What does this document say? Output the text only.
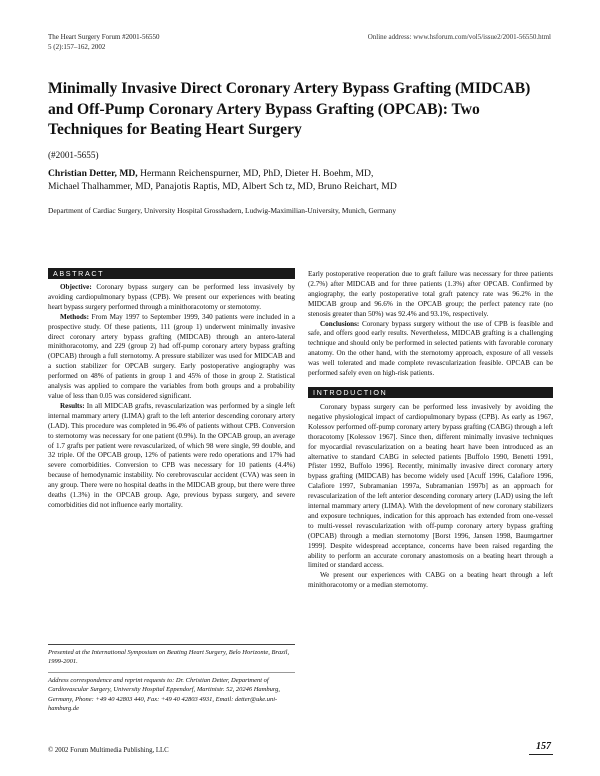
The Heart Surgery Forum #2001-56550
5 (2):157–162, 2002
Online address: www.hsforum.com/vol5/issue2/2001-56550.html
Minimally Invasive Direct Coronary Artery Bypass Grafting (MIDCAB) and Off-Pump Coronary Artery Bypass Grafting (OPCAB): Two Techniques for Beating Heart Surgery
(#2001-5655)
Christian Detter, MD, Hermann Reichenspurner, MD, PhD, Dieter H. Boehm, MD,
Michael Thalhammer, MD, Panajotis Raptis, MD, Albert Sch tz, MD, Bruno Reichart, MD
Department of Cardiac Surgery, University Hospital Grosshadern, Ludwig-Maximilian-University, Munich, Germany
ABSTRACT

Objective: Coronary bypass surgery can be performed less invasively by avoiding cardiopulmonary bypass (CPB). We present our experiences with beating heart bypass surgery performed through a minithoracotomy or sternotomy.

Methods: From May 1997 to September 1999, 340 patients were included in a prospective study. Of these patients, 111 (group 1) underwent minimally invasive direct coronary artery bypass grafting (MIDCAB) through an antero-lateral minithoracotomy, and 229 (group 2) had off-pump coronary artery bypass grafting (OPCAB) through a full sternotomy. A pressure stabilizer was used for MIDCAB and a suction stabilizer for OPCAB surgery. Early postoperative angiography was performed on 48% of patients in group 1 and 45% of those in group 2. Statistical analysis was applied to compare the variables from both groups and a probability value of less than 0.05 was considered significant.

Results: In all MIDCAB grafts, revascularization was performed by a single left internal mammary artery (LIMA) graft to the left anterior descending coronary artery (LAD). This procedure was completed in 96.4% of patients without CPB. Conversion to sternotomy was necessary for one patient (0.9%). In the OPCAB group, an average of 1.7 grafts per patient were revascularized, of which 98 were single, 99 double, and 32 triple. Of the OPCAB group, 12% of patients were redo operations and 17% had severe comorbidities. Conversion to CPB was necessary for 10 patients (4.4%) because of hemodynamic instability. No cerebrovascular accident (CVA) was seen in any group. There were no hospital deaths in the MIDCAB group, but there were three deaths (1.3%) in the OPCAB group. Age, previous bypass surgery, and severe comorbidities did not influence early mortality.

Presented at the International Symposium on Beating Heart Surgery, Belo Horizonte, Brazil, 1999-2001.
Address correspondence and reprint requests to: Dr. Christian Detter, Department of Cardiovascular Surgery, University Hospital Eppendorf, Martinistr. 52, 20246 Hamburg, Germany, Phone: +49 40 42803 440, Fax: +49 40 42803 4931, Email: detter@uke.uni-hamburg.de

Early postoperative reoperation due to graft failure was necessary for three patients (2.7%) after MIDCAB and for three patients (1.3%) after OPCAB. Confirmed by angiography, the early postoperative total graft patency rate was 96.2% in the MIDCAB group and 96.6% in the OPCAB group; the perfect patency rate (no stenosis greater than 50%) was 92.4% and 93.1%, respectively.

Conclusions: Coronary bypass surgery without the use of CPB is feasible and safe, and offers good early results. Nevertheless, MIDCAB grafting is a challenging technique and should only be performed in selected patients with favorable coronary anatomy. On the other hand, with the sternotomy approach, exposure of all vessels was well tolerated and made complete revascularization feasible. OPCAB can be performed safely even on high-risk patients.

INTRODUCTION

Coronary bypass surgery can be performed less invasively by avoiding the negative physiological impact of cardiopulmonary bypass (CPB). As early as 1967, Kolessov performed off-pump coronary artery bypass grafting (CABG) through a left thoracotomy [Kolessov 1967]. Since then, different minimally invasive techniques for myocardial revascularization on a beating heart have been introduced as an alternative to standard CABG in selected patients [Buffolo 1990, Benetti 1991, Pfister 1992, Buffolo 1996]. Recently, minimally invasive direct coronary artery bypass grafting (MIDCAB) has become widely used [Acuff 1996, Calafiore 1996, Calafiore 1997, Subramanian 1997a, Subramanian 1997b] as an approach for revascularization of the left anterior descending coronary artery (LAD) using the left internal mammary artery (LIMA). With the development of new coronary stabilizers and exposure techniques, indication for this approach has extended from one-vessel to multi-vessel revascularization with off-pump coronary artery bypass grafting (OPCAB) through a median sternotomy [Borst 1996, Jansen 1998, Baumgartner 1999]. Despite widespread acceptance, concerns have been raised regarding the ability to perform an accurate coronary anastomosis on a beating heart through a limited or standard access.

We present our experiences with CABG on a beating heart through a left minithoracotomy or a median sternotomy.

© 2002 Forum Multimedia Publishing, LLC	157
